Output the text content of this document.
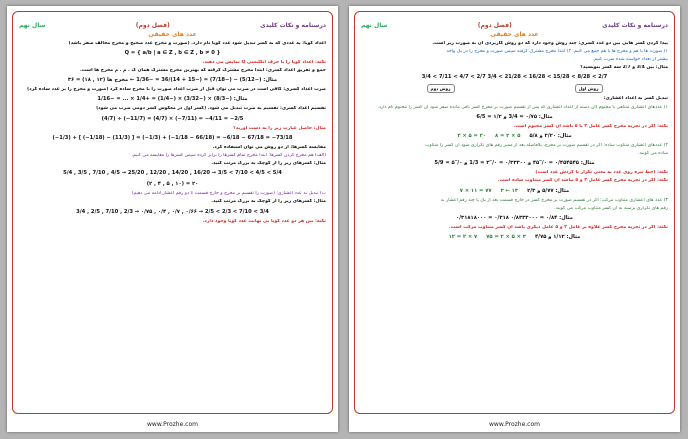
درسنامه و نکات کلیدی
(فصل دوم)
سال نهم
عدد های حقیقی
اعداد گویا: به عددی که به کسر تبدیل شود عدد گویا نام دارد. (صورت و مخرج عدد صحیح و مخرج مخالف صفر باشد)
Q = { a/b | a ∈ Z , b ∈ Z , b ≠ 0 }
نکته: اعداد گویا را با حرف انگلیسی Q نمایش می دهند.
جمع و تفریق اعداد گسری: ابتدا مخرج مشترک گرفته که بهترین مخرج مشترک همان ک . م . م مخرج ها است.
مثال: (−5/12) − (−7/18) = (−15 + 14)/36 = −1/36 ← مخرج ها (۱۲ , ۱۸) = ۳۶
ضرب اعداد گسری: کافی است در ضرب می توان قبل از ضرب اعداد صورت را با مخرج ساده کرد (صورت و مخرج را بر عدد ساده کرد)
مثال: (−8/3) × (−3/32) × (−1/4) = +1/4 × ... = −1/16
تقسیم اعداد گسری: تقسیم به ضرب تبدیل می شود. (کسر اول در معکوس کسر دومی ضرب می شود)
(4/7) ÷ (−11/7) = (4/7) × (−7/11) = −4/11 = −2/5
مثال: حاصل عبارت زیر را به دست آورید؟
(−1/3) + [ (−1/18) − (11/3) ] = (−1/3) + (−1/18 − 66/18) = −6/18 − 67/18 = −73/18
مقایسه کسرها: از دو روش می توان استفاده کرد.
(الف) هم مخرج کردن کسرها: ابتدا مخرج تمام کسرها را برابر کرده سپس کسرها را مقایسه می کنیم.
مثال: کسرهای زیر را از کوچک به بزرگ مرتب کنید.
5/4 , 3/5 , 7/10 , 4/5 → 25/20 , 12/20 , 14/20 , 16/20 → 3/5 < 7/10 < 4/5 < 5/4
(۲ , ۴ , ۵ , ۱۰) = ۲۰
ب) تبدیل به عدد اعشاری: (صورت را تقسیم بر مخرج و خارج قسمت تا دو رقم اعشار ادامه می دهیم)
مثال: کسرهای زیر را از کوچک به بزرگ مرتب کنید.
3/4 , 2/5 , 7/10 , 2/3 → ۰/۷۵ , ۰/۴ , ۰/۷ , ۰/۶۶ → 2/5 < 2/3 < 7/10 < 3/4
نکته: بین هر دو عدد گویا بی نهایت عدد گویا وجود دارد.
www.Prozhe.com
درسنامه و نکات کلیدی
(فصل دوم)
سال نهم
عدد های حقیقی
پیدا کردن کسر هایی بین دو عدد گسری: چند روش وجود دارد که دو روش کاربردی آن به صورت زیر است.
۱) صورت ها با هم و مخرج ها با هم جمع می کنیم. ۲) ابتدا مخرج مشترک گرفته سپس صورت و مخرج را در یک واحد
بیشتر از تعداد خواسته شده ضرب کنیم.
مثال: بین 3/4 و 2/7 سه کسر بنویسید؟
3/4 < 7/11 < 4/7 < 2/7 3/4 < 21/28 < 16/28 < 15/28 < 8/28 < 2/7
روش دوم	روش اول
تبدیل کسر به اعداد اعشاری:
۱) عددهای اعشاری متناهی یا مختوم (آن دسته از اعداد اعشاری که پس از تقسیم صورت بر مخرج کسر باقی مانده صفر شود آن کسر را مختوم نام دارد.
مثال: ۰/۷۵ = 3/4 و ۱/۲ = 6/5
نکته: اگر در تجزیه مخرج کسر عامل ۲ یا ۵ باشد آن کسر مختوم است.
۲ × ۵ = ۲۰ ۸ = ۲ × ۵ مثال: ۳/۲۰ و ۵/۸
۲) عددهای اعشاری متناوب ساده: اگر در تقسیم صورت بر مخرج، بلافاصله بعد از ممیز رقم های تکراری شود آن کسر را متناوب
ساده می گویند.
مثال: ۰/۴۵۴۵۴۵ = ۰/‾۴۵ و ۰/۳۳۳۰۰ = ۰/‾۳ = 1/3 و ۰/‾۵ = 5/9
نکته: (خط تیره روی عدد به معنی تکرار یا گردش عدد است)
نکته: اگر در تجزیه مخرج کسر عامل ۲ و ۵ نباشد آن کسر متناوب ساده است.
۷ × ۱۱ = ۷۷ ۳ ← ۱۳ مثال: ۵/۷۷ و ۲/۳
۳) عدد های اعشاری متناوب مرکب: اگر در تقسیم صورت بر مخرج کسر در خارج قسمت بعد از یک یا چند رقم اعشار به
رقم های تکراری برسند به آن کسر متناوب مرکب می گویند.
مثال: ۰/۸۴ = ۰/۸۳۳۳۰۰۰ ۰/۳۱۸ = ۰/۳۱۸۱۸۰۰۰
نکته: اگر در تجزیه مخرج کسر علاوه بر عامل ۲ و ۵ عامل دیگری باشد آن کسر متناوب مرکب است.
۱۲ = ۲ × ۷ ۷۵ = ۲ × ۵ × ۳ مثال: ۱/۱۲ و ۴/۷۵
www.Prozhe.com
